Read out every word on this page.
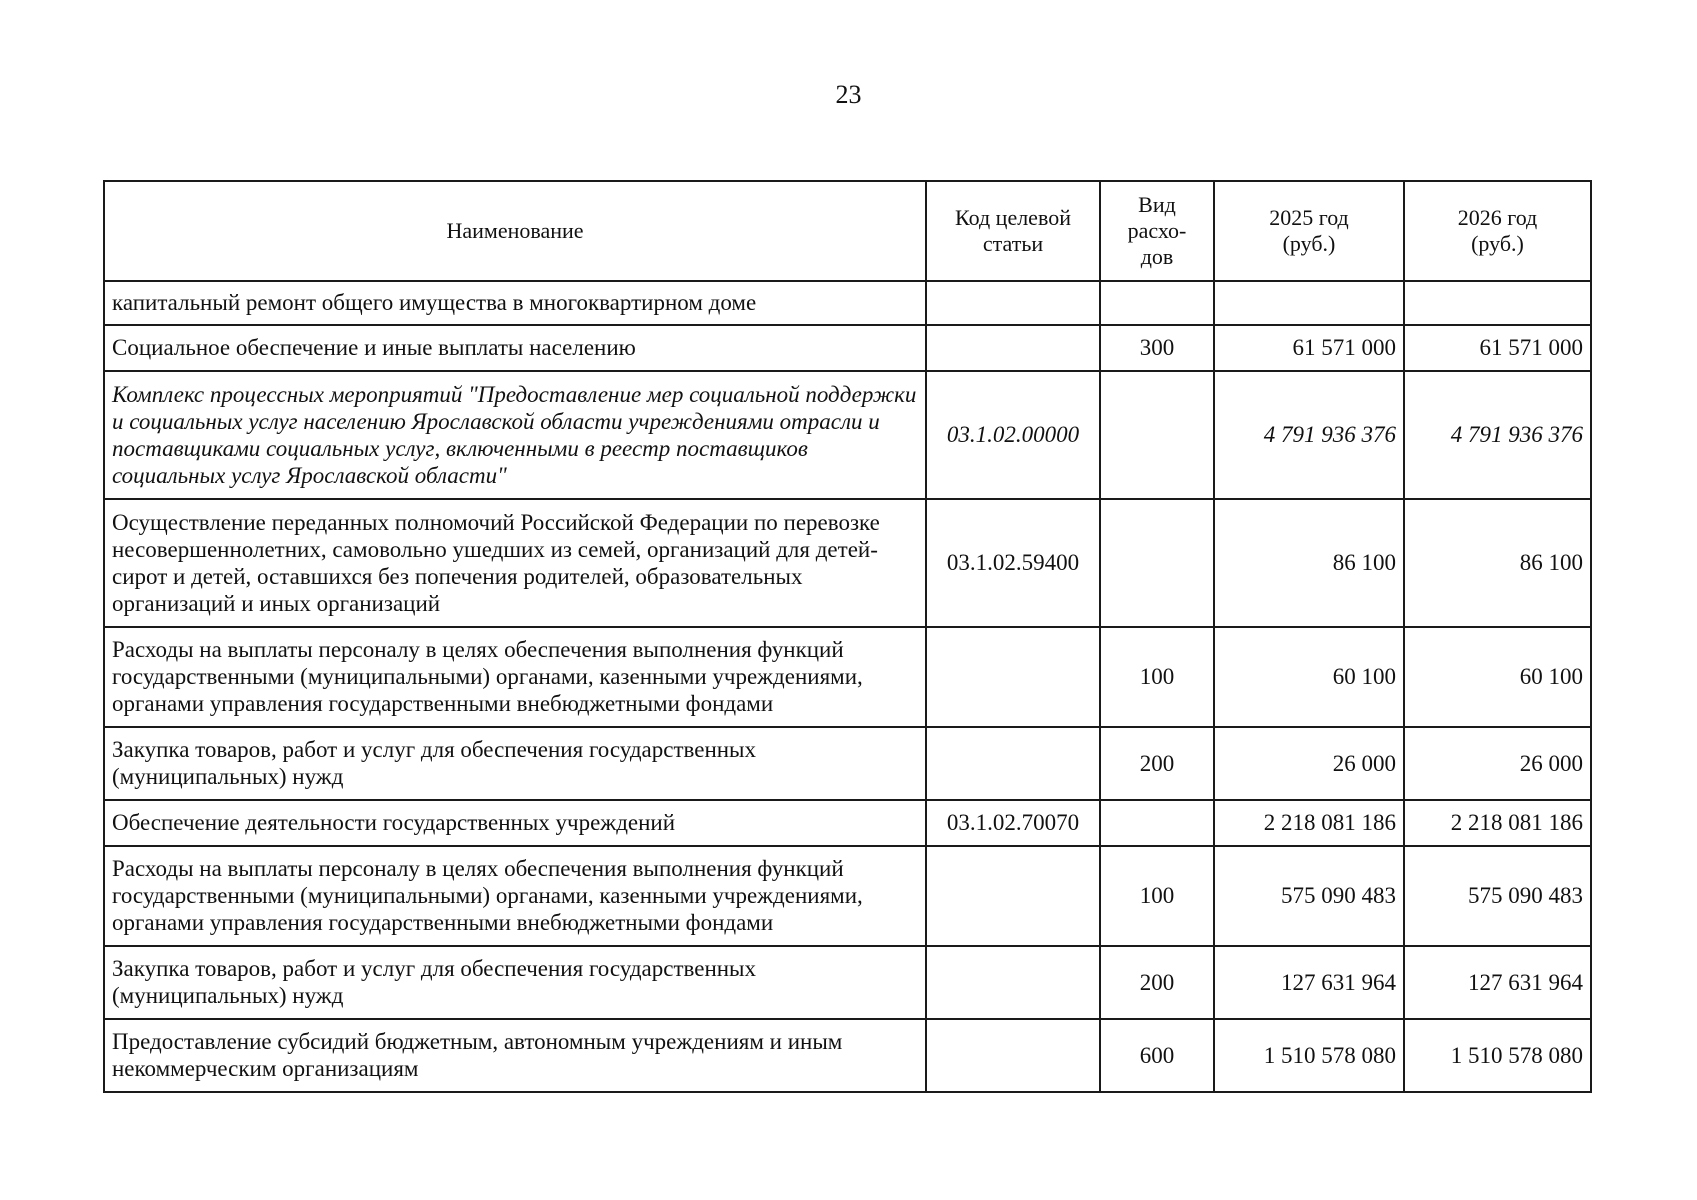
23
Наименование	Код целевой статьи	Вид расхо-дов	2025 год (руб.)	2026 год (руб.)

капитальный ремонт общего имущества в многоквартирном доме				
Социальное обеспечение и иные выплаты населению		300	61 571 000	61 571 000
Комплекс процессных мероприятий "Предоставление мер социальной поддержки и социальных услуг населению Ярославской области учреждениями отрасли и поставщиками социальных услуг, включенными в реестр поставщиков социальных услуг Ярославской области"	03.1.02.00000		4 791 936 376	4 791 936 376
Осуществление переданных полномочий Российской Федерации по перевозке несовершеннолетних, самовольно ушедших из семей, организаций для детей-сирот и детей, оставшихся без попечения родителей, образовательных организаций и иных организаций	03.1.02.59400		86 100	86 100
Расходы на выплаты персоналу в целях обеспечения выполнения функций государственными (муниципальными) органами, казенными учреждениями, органами управления государственными внебюджетными фондами		100	60 100	60 100
Закупка товаров, работ и услуг для обеспечения государственных (муниципальных) нужд		200	26 000	26 000
Обеспечение деятельности государственных учреждений	03.1.02.70070		2 218 081 186	2 218 081 186
Расходы на выплаты персоналу в целях обеспечения выполнения функций государственными (муниципальными) органами, казенными учреждениями, органами управления государственными внебюджетными фондами		100	575 090 483	575 090 483
Закупка товаров, работ и услуг для обеспечения государственных (муниципальных) нужд		200	127 631 964	127 631 964
Предоставление субсидий бюджетным, автономным учреждениям и иным некоммерческим организациям		600	1 510 578 080	1 510 578 080
